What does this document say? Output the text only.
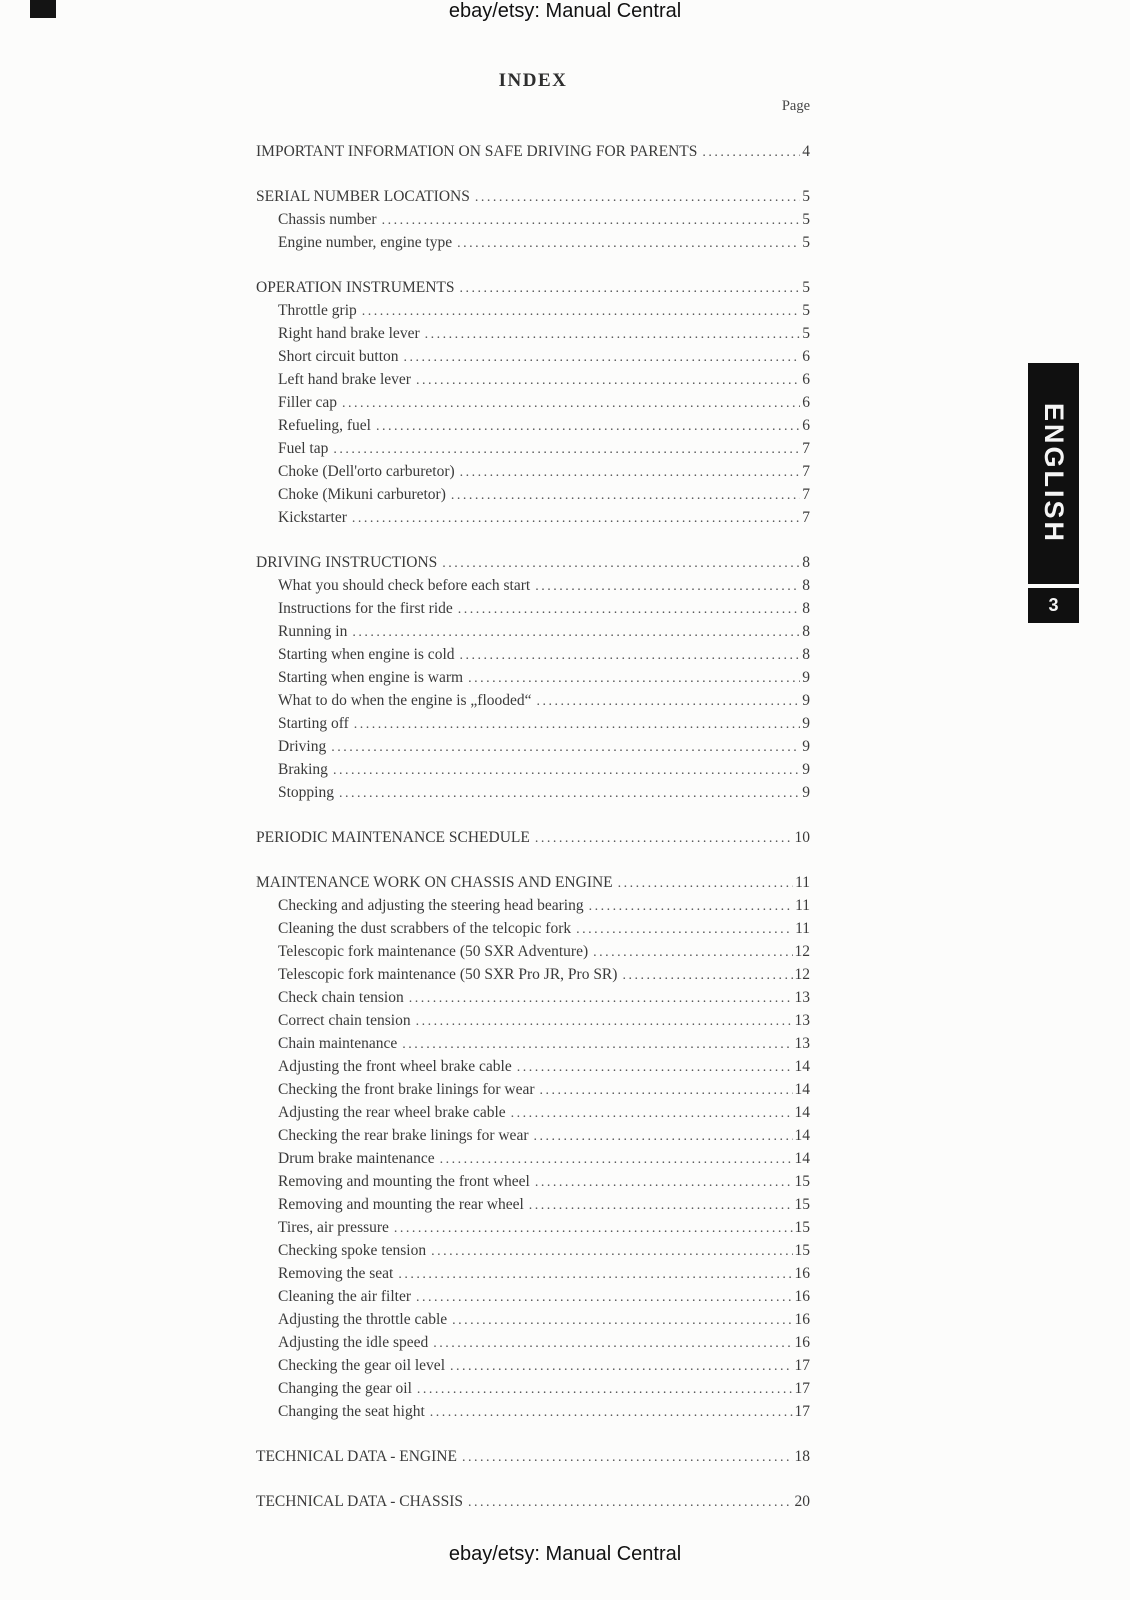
ebay/etsy: Manual Central
INDEX
Page
IMPORTANT INFORMATION ON SAFE DRIVING FOR PARENTS .....	4
SERIAL NUMBER LOCATIONS .....	5
Chassis number .....	5
Engine number, engine type .....	5
OPERATION INSTRUMENTS .....	5
Throttle grip .....	5
Right hand brake lever .....	5
Short circuit button .....	6
Left hand brake lever .....	6
Filler cap .....	6
Refueling, fuel .....	6
Fuel tap .....	7
Choke (Dell'orto carburetor) .....	7
Choke (Mikuni carburetor) .....	7
Kickstarter .....	7
DRIVING INSTRUCTIONS .....	8
What you should check before each start .....	8
Instructions for the first ride .....	8
Running in .....	8
Starting when engine is cold .....	8
Starting when engine is warm .....	9
What to do when the engine is „flooded“ .....	9
Starting off .....	9
Driving .....	9
Braking .....	9
Stopping .....	9
PERIODIC MAINTENANCE SCHEDULE .....	10
MAINTENANCE WORK ON CHASSIS AND ENGINE .....	11
Checking and adjusting the steering head bearing .....	11
Cleaning the dust scrabbers of the telcopic fork .....	11
Telescopic fork maintenance (50 SXR Adventure) .....	12
Telescopic fork maintenance (50 SXR Pro JR, Pro SR) .....	12
Check chain tension .....	13
Correct chain tension .....	13
Chain maintenance .....	13
Adjusting the front wheel brake cable .....	14
Checking the front brake linings for wear .....	14
Adjusting the rear wheel brake cable .....	14
Checking the rear brake linings for wear .....	14
Drum brake maintenance .....	14
Removing and mounting the front wheel .....	15
Removing and mounting the rear wheel .....	15
Tires, air pressure .....	15
Checking spoke tension .....	15
Removing the seat .....	16
Cleaning the air filter .....	16
Adjusting the throttle cable .....	16
Adjusting the idle speed .....	16
Checking the gear oil level .....	17
Changing the gear oil .....	17
Changing the seat hight .....	17
TECHNICAL DATA - ENGINE .....	18
TECHNICAL DATA - CHASSIS .....	20
ENGLISH
3
ebay/etsy: Manual Central
